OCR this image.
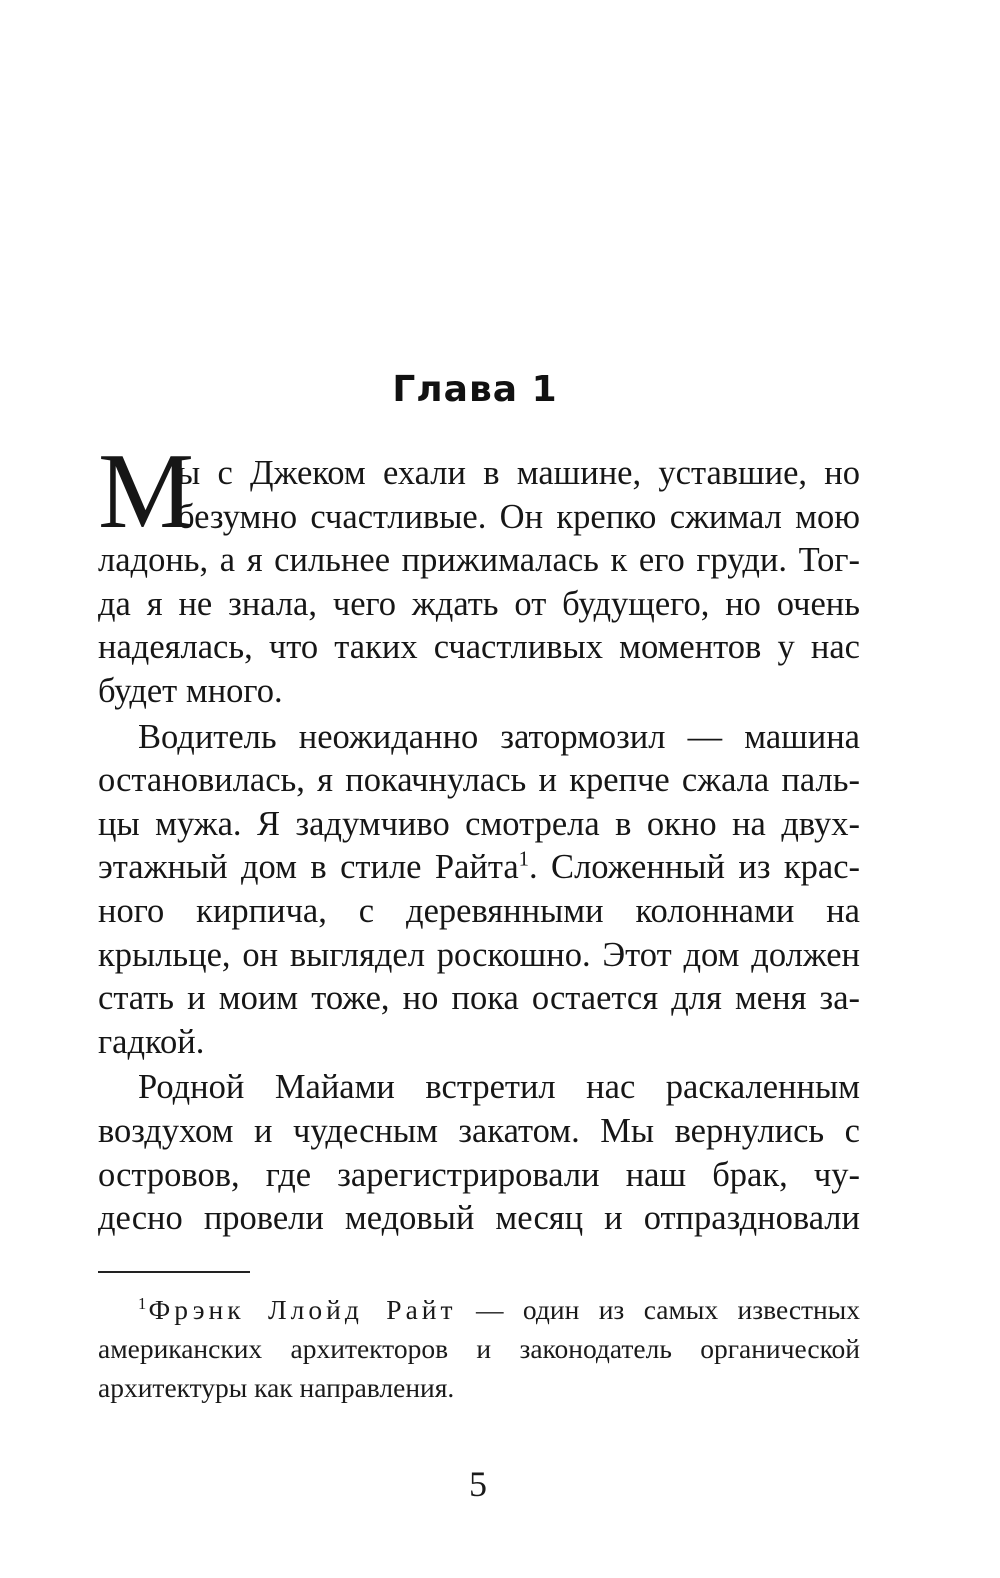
Глава 1
М
ы с Джеком ехали в машине, уставшие, но
безумно счастливые. Он крепко сжимал мою
ладонь, а я сильнее прижималась к его груди. Тог-
да я не знала, чего ждать от будущего, но очень
надеялась, что таких счастливых моментов у нас
будет много.
Водитель неожиданно затормозил — машина
остановилась, я покачнулась и крепче сжала паль-
цы мужа. Я задумчиво смотрела в окно на двух-
этажный дом в стиле Райта$^1$. Сложенный из крас-
ного кирпича, с деревянными колоннами на
крыльце, он выглядел роскошно. Этот дом должен
стать и моим тоже, но пока остается для меня за-
гадкой.
Родной Майами встретил нас раскаленным
воздухом и чудесным закатом. Мы вернулись с
островов, где зарегистрировали наш брак, чу-
десно провели медовый месяц и отпраздновали
$^1$ Фрэнк Ллойд Райт — один из самых известных
американских архитекторов и законодатель органической
архитектуры как направления.
5
